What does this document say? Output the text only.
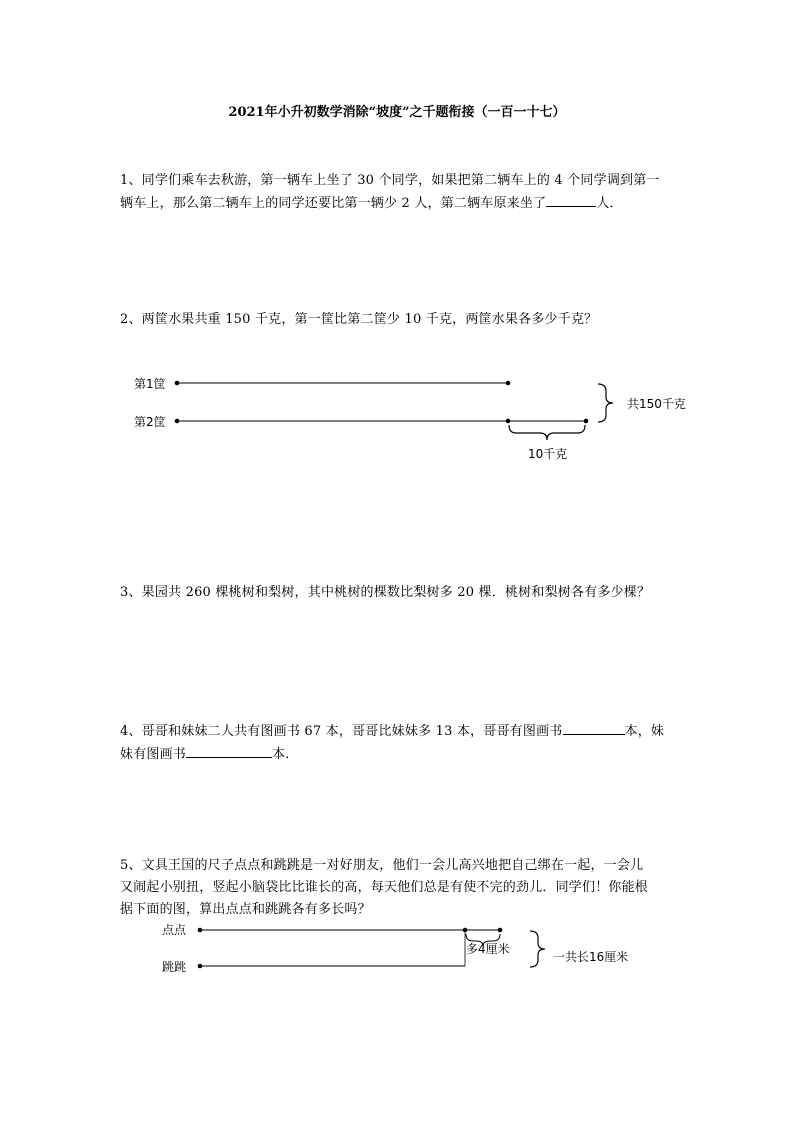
2021年小升初数学消除“坡度”之千题衔接（一百一十七）
1、同学们乘车去秋游，第一辆车上坐了 30 个同学，如果把第二辆车上的 4 个同学调到第一
辆车上，那么第二辆车上的同学还要比第一辆少 2 人，第二辆车原来坐了	人．
2、两筐水果共重 150 千克，第一筐比第二筐少 10 千克，两筐水果各多少千克？
第1筐
第2筐
共150千克
10千克
3、果园共 260 棵桃树和梨树，其中桃树的棵数比梨树多 20 棵．桃树和梨树各有多少棵？
4、哥哥和妹妹二人共有图画书 67 本，哥哥比妹妹多 13 本，哥哥有图画书	本，妹
妹有图画书	本．
5、文具王国的尺子点点和跳跳是一对好朋友，他们一会儿高兴地把自己绑在一起，一会儿
又闹起小别扭，竖起小脑袋比比谁长的高，每天他们总是有使不完的劲儿．同学们！你能根
据下面的图，算出点点和跳跳各有多长吗？
点点
跳跳
多4厘米
一共长16厘米
